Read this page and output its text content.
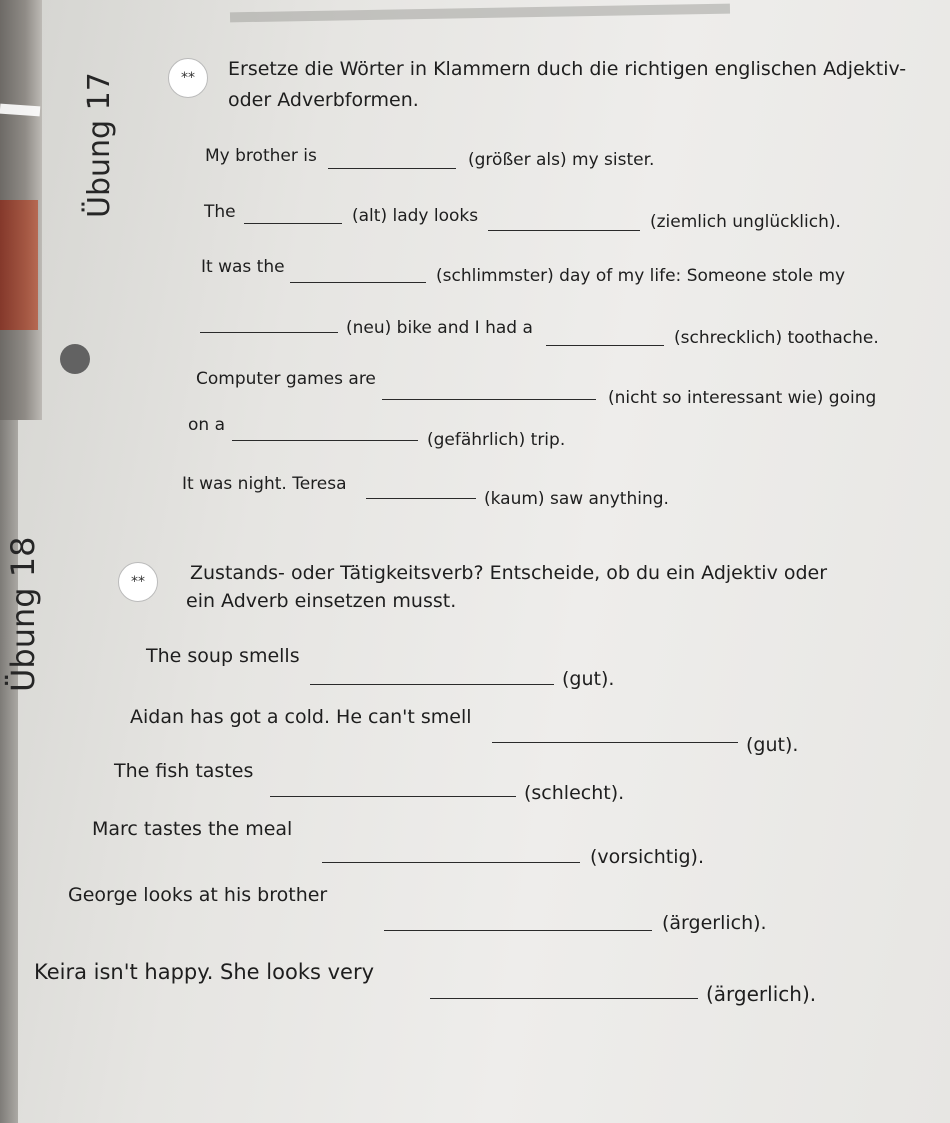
Übung 17	**	Ersetze die Wörter in Klammern duch die richtigen englischen Adjektiv-
oder Adverbformen.
My brother is	(größer als) my sister.
The	(alt) lady looks	(ziemlich unglücklich).
It was the	(schlimmster) day of my life: Someone stole my
(neu) bike and I had a	(schrecklich) toothache.
Computer games are
(nicht so interessant wie) going
on a
(gefährlich) trip.
It was night. Teresa
(kaum) saw anything.
Übung 18	**	Zustands- oder Tätigkeitsverb? Entscheide, ob du ein Adjektiv oder
ein Adverb einsetzen musst.
The soup smells
(gut).
Aidan has got a cold. He can't smell
(gut).
The fish tastes
(schlecht).
Marc tastes the meal
(vorsichtig).
George looks at his brother
(ärgerlich).
Keira isn't happy. She looks very
(ärgerlich).
